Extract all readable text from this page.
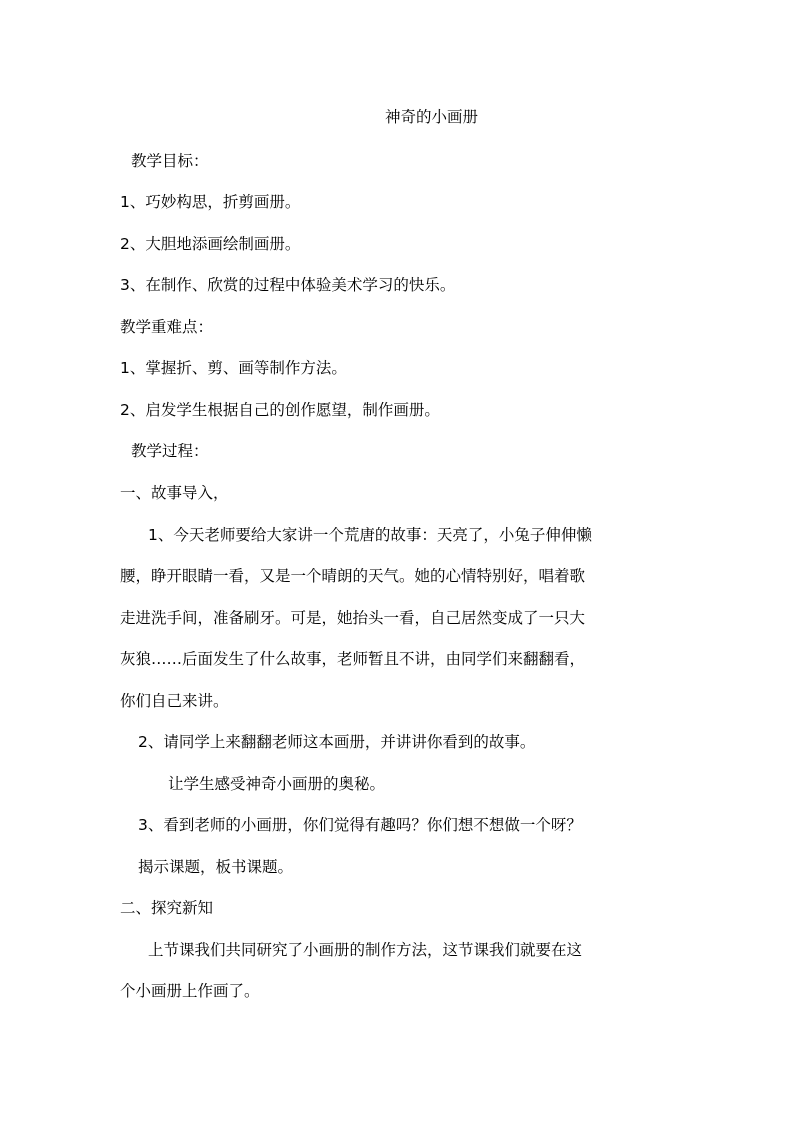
神奇的小画册

教学目标：

1、巧妙构思，折剪画册。

2、大胆地添画绘制画册。

3、在制作、欣赏的过程中体验美术学习的快乐。

教学重难点：

1、掌握折、剪、画等制作方法。

2、启发学生根据自己的创作愿望，制作画册。

教学过程：

一、故事导入，

1、今天老师要给大家讲一个荒唐的故事：天亮了，小兔子伸伸懒

腰，睁开眼睛一看，又是一个晴朗的天气。她的心情特别好，唱着歌

走进洗手间，准备刷牙。可是，她抬头一看，自己居然变成了一只大

灰狼……后面发生了什么故事，老师暂且不讲，由同学们来翻翻看，

你们自己来讲。

2、请同学上来翻翻老师这本画册，并讲讲你看到的故事。

让学生感受神奇小画册的奥秘。

3、看到老师的小画册，你们觉得有趣吗？你们想不想做一个呀？

揭示课题，板书课题。

二、探究新知

上节课我们共同研究了小画册的制作方法，这节课我们就要在这

个小画册上作画了。
